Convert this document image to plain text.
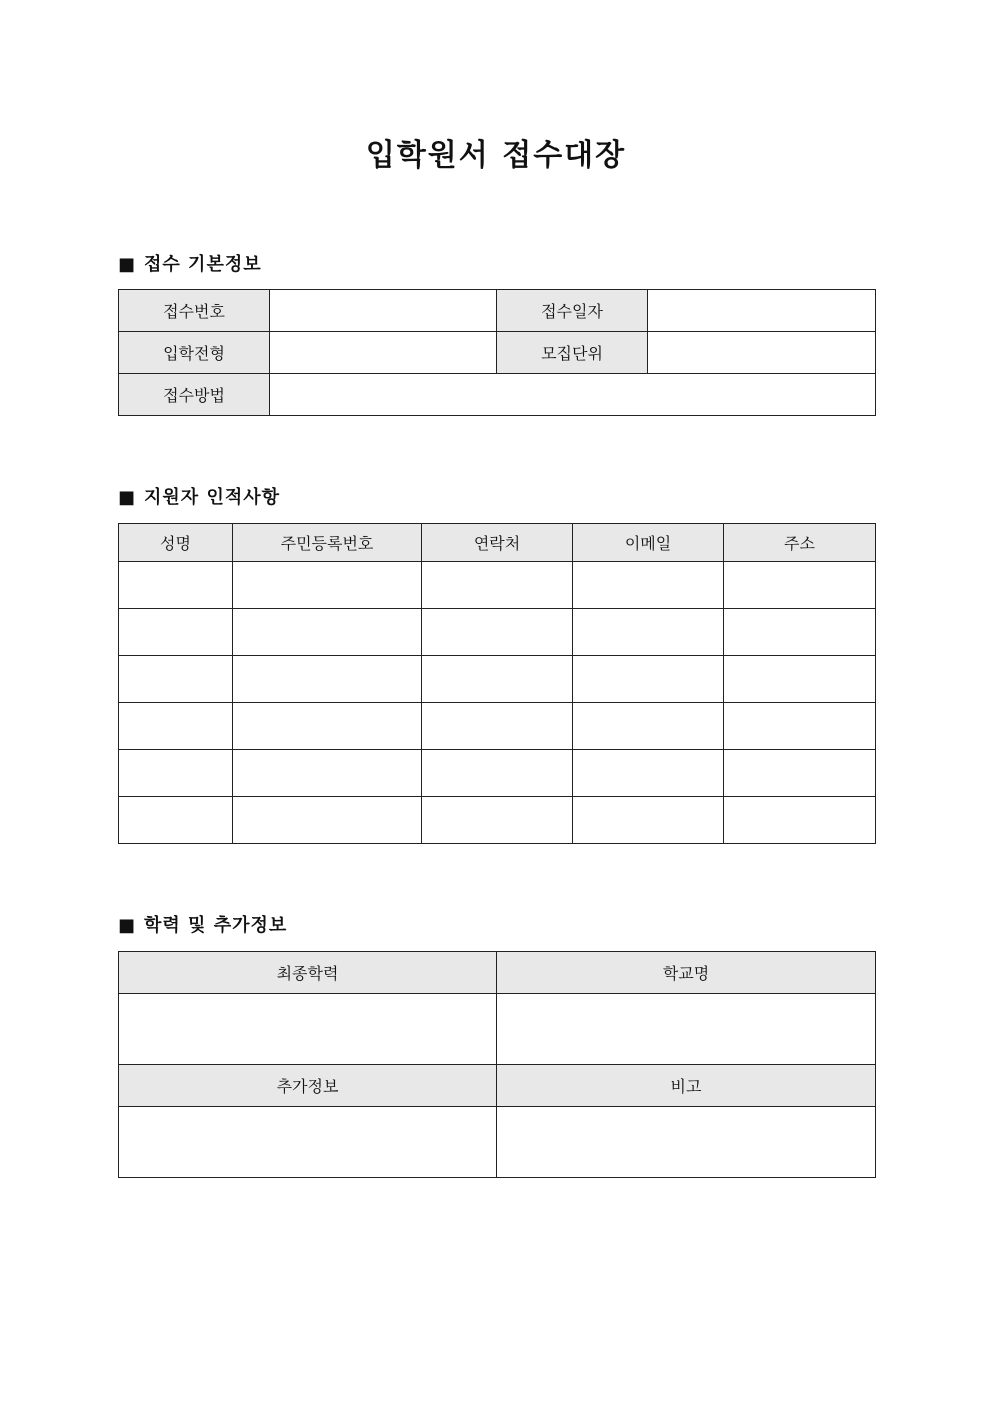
입학원서 접수대장
■ 접수 기본정보
접수번호		접수일자	
입학전형		모집단위	
접수방법			
■ 지원자 인적사항
성명	주민등록번호	연락처	이메일	주소

■ 학력 및 추가정보
최종학력	학교명

추가정보	비고
